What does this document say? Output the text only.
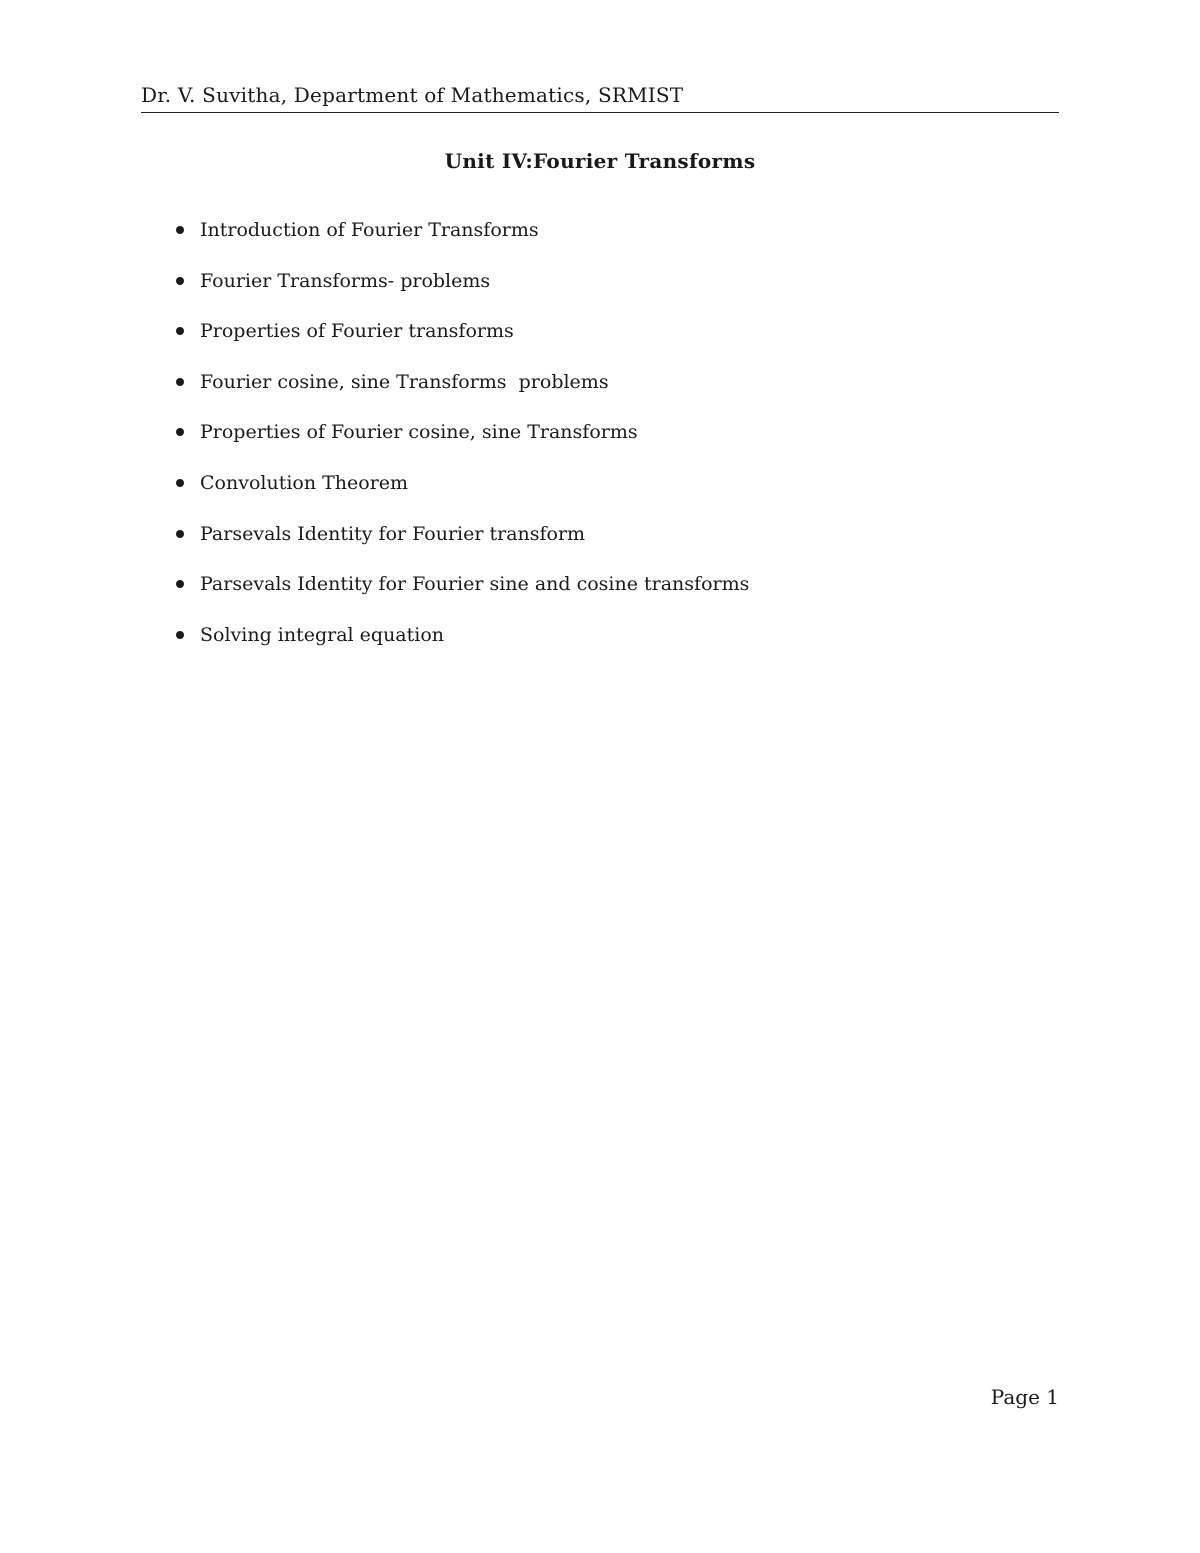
Dr. V. Suvitha, Department of Mathematics, SRMIST
Unit IV:Fourier Transforms
Introduction of Fourier Transforms
Fourier Transforms- problems
Properties of Fourier transforms
Fourier cosine, sine Transforms  problems
Properties of Fourier cosine, sine Transforms
Convolution Theorem
Parsevals Identity for Fourier transform
Parsevals Identity for Fourier sine and cosine transforms
Solving integral equation
Page 1
